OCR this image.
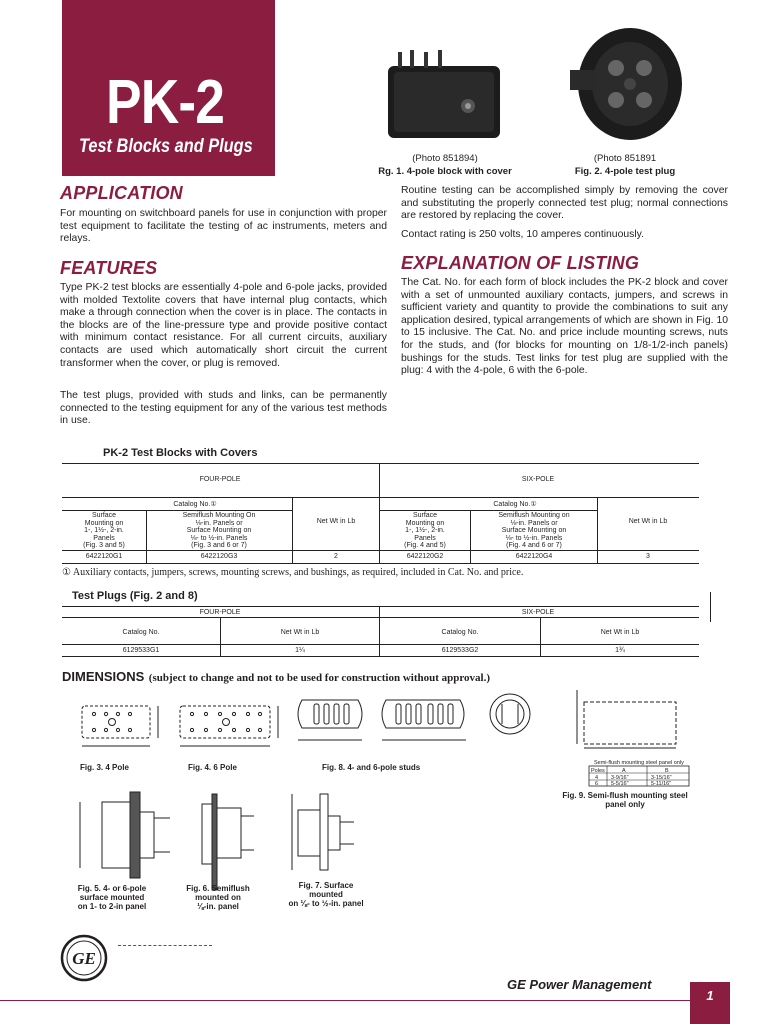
PK-2
Test Blocks and Plugs
(Photo 851894)
Rg. 1. 4-pole block with cover
(Photo 851891
Fig. 2. 4-pole test plug
APPLICATION
For mounting on switchboard panels for use in conjunction with proper test equipment to facilitate the testing of ac instruments, meters and relays.
FEATURES
Type PK-2 test blocks are essentially 4-pole and 6-pole jacks, provided with molded Textolite covers that have internal plug contacts, which make a through connection when the cover is in place. The contacts in the blocks are of the line-pressure type and provide positive contact with minimum contact resistance. For all current circuits, auxiliary contacts are used which automatically short circuit the current transformer when the cover, or plug is removed.
The test plugs, provided with studs and links, can be permanently connected to the testing equipment for any of the various test methods in use.
Routine testing can be accomplished simply by removing the cover and substituting the properly connected test plug; normal connections are restored by replacing the cover.
Contact rating is 250 volts, 10 amperes continuously.
EXPLANATION OF LISTING
The Cat. No. for each form of block includes the PK-2 block and cover with a set of unmounted auxiliary contacts, jumpers, and screws in sufficient variety and quantity to provide the combinations to suit any application desired, typical arrangements of which are shown in Fig. 10 to 15 inclusive. The Cat. No. and price include mounting screws, nuts for the studs, and (for blocks for mounting on 1/8-1/2-inch panels) bushings for the studs. Test links for test plug are supplied with the plug: 4 with the 4-pole, 6 with the 6-pole.
PK-2 Test Blocks with Covers
FOUR-POLE	SIX-POLE
Catalog No.①	Catalog No.①
Surface
Mounting on
1-, 1½-, 2-in.
Panels
(Fig. 3 and 5)
Semiflush Mounting On
⅛-in. Panels or
Surface Mounting on
⅛- to ½-in. Panels
(Fig. 3 and 6 or 7)
Net Wt in Lb
Surface
Mounting on
1-, 1½-, 2-in.
Panels
(Fig. 4 and 5)
Semiflush Mounting on
⅛-in. Panels or
Surface Mounting on
⅛- to ½-in. Panels
(Fig. 4 and 6 or 7)
Net Wt in Lb
6422120G1	6422120G3	2	6422120G2	6422120G4	3
① Auxiliary contacts, jumpers, screws, mounting screws, and bushings, as required, included in Cat. No. and price.
Test Plugs (Fig. 2 and 8)
FOUR-POLE	SIX-POLE
Catalog No.	Net Wt in Lb	Catalog No.	Net Wt in Lb
6129533G1	1¼	6129533G2	1¾
DIMENSIONS (subject to change and not to be used for construction without approval.)
Semi-flush mounting steel panel only
Poles	A	B
4 3-9/16"	3-15/16"
6 5-5/16"	5-11/16"
Fig. 3. 4 Pole	Fig. 4. 6 Pole	Fig. 8. 4- and 6-pole studs
Fig. 9. Semi-flush mounting steel
panel only
Fig. 5. 4- or 6-pole
surface mounted
on 1- to 2-in panel
Fig. 6. Semiflush
mounted on
⅛-in. panel
Fig. 7. Surface
mounted
on ⅛- to ½-in. panel
GE
GE Power Management
1
